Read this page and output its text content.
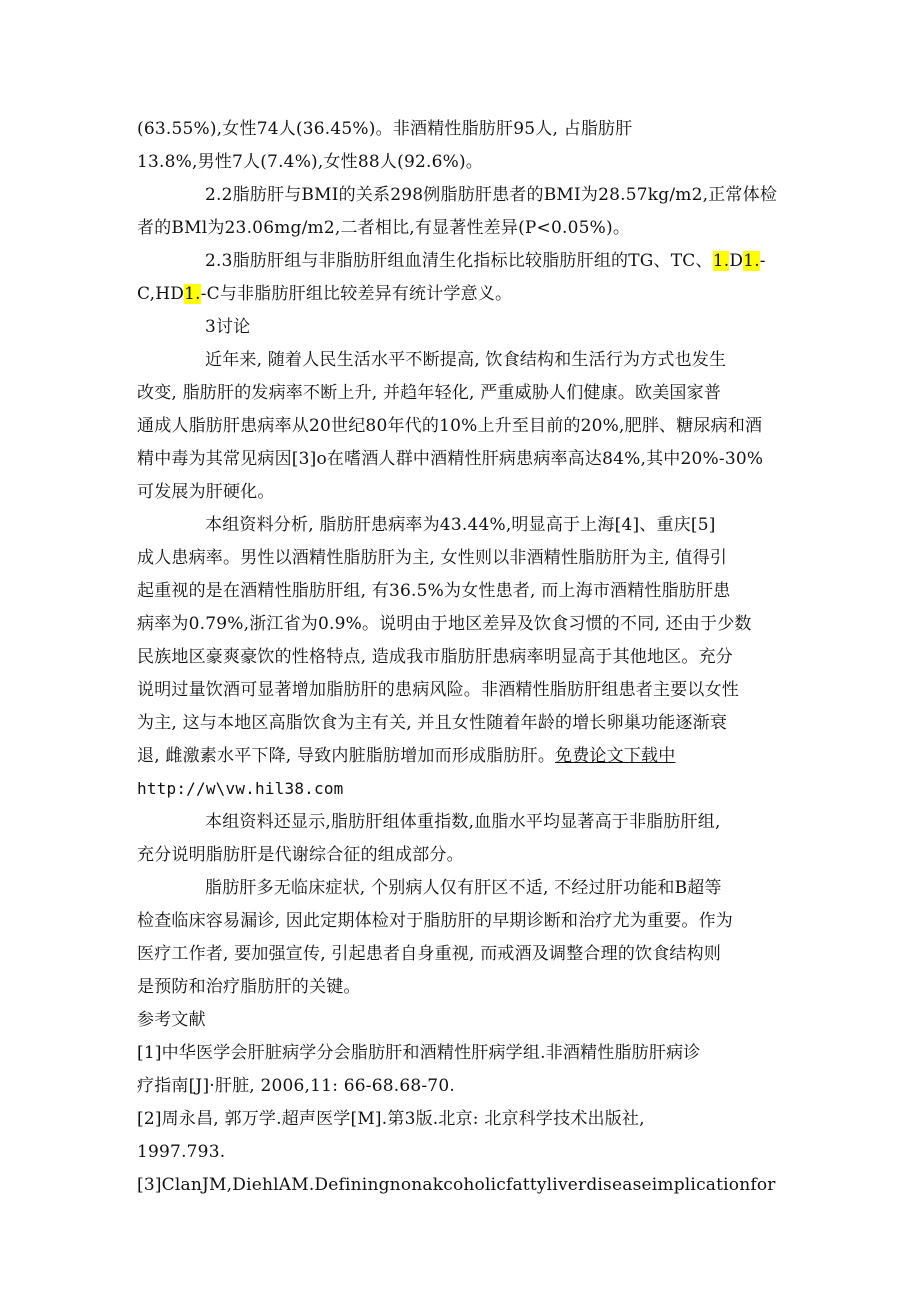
(63.55%),女性74人(36.45%)。非酒精性脂肪肝95人, 占脂肪肝
13.8%,男性7人(7.4%),女性88人(92.6%)。
2.2脂肪肝与BMI的关系298例脂肪肝患者的BMI为28.57kg/m2,正常体检
者的BMl为23.06mg/m2,二者相比,有显著性差异(P<0.05%)。
2.3脂肪肝组与非脂肪肝组血清生化指标比较脂肪肝组的TG、TC、1.D1.-
C,HD1.-C与非脂肪肝组比较差异有统计学意义。
3讨论
近年来, 随着人民生活水平不断提高, 饮食结构和生活行为方式也发生
改变, 脂肪肝的发病率不断上升, 并趋年轻化, 严重威胁人们健康。欧美国家普
通成人脂肪肝患病率从20世纪80年代的10%上升至目前的20%,肥胖、糖尿病和酒
精中毒为其常见病因[3]o在嗜酒人群中酒精性肝病患病率高达84%,其中20%-30%
可发展为肝硬化。
本组资料分析, 脂肪肝患病率为43.44%,明显高于上海[4]、重庆[5]
成人患病率。男性以酒精性脂肪肝为主, 女性则以非酒精性脂肪肝为主, 值得引
起重视的是在酒精性脂肪肝组, 有36.5%为女性患者, 而上海市酒精性脂肪肝患
病率为0.79%,浙江省为0.9%。说明由于地区差异及饮食习惯的不同, 还由于少数
民族地区豪爽豪饮的性格特点, 造成我市脂肪肝患病率明显高于其他地区。充分
说明过量饮酒可显著增加脂肪肝的患病风险。非酒精性脂肪肝组患者主要以女性
为主, 这与本地区高脂饮食为主有关, 并且女性随着年龄的增长卵巢功能逐渐衰
退, 雌激素水平下降, 导致内脏脂肪增加而形成脂肪肝。免费论文下载中
http://w\vw.hil38.com
本组资料还显示,脂肪肝组体重指数,血脂水平均显著高于非脂肪肝组,
充分说明脂肪肝是代谢综合征的组成部分。
脂肪肝多无临床症状, 个别病人仅有肝区不适, 不经过肝功能和B超等
检查临床容易漏诊, 因此定期体检对于脂肪肝的早期诊断和治疗尤为重要。作为
医疗工作者, 要加强宣传, 引起患者自身重视, 而戒酒及调整合理的饮食结构则
是预防和治疗脂肪肝的关键。
参考文献
[1]中华医学会肝脏病学分会脂肪肝和酒精性肝病学组.非酒精性脂肪肝病诊
疗指南[J]·肝脏, 2006,11: 66-68.68-70.
[2]周永昌, 郭万学.超声医学[M].第3版.北京: 北京科学技术出版社,
1997.793.
[3]ClanJM,DiehlAM.Definingnonakcoholicfattyliverdiseaseimplicationfor
